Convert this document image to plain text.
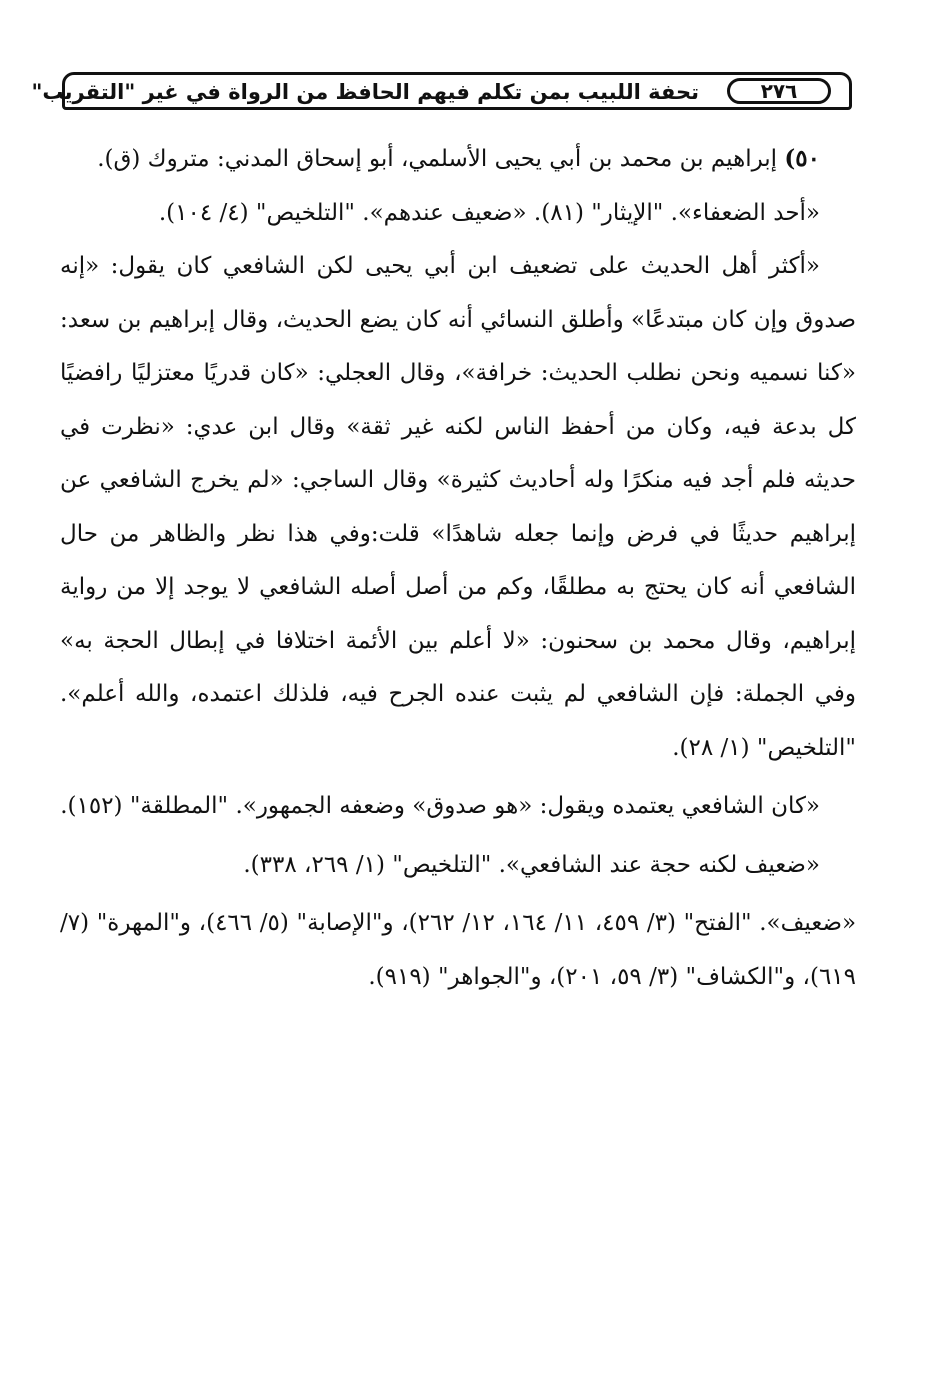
تحفة اللبيب بمن تكلم فيهم الحافظ من الرواة في غير "التقريب"	٢٧٦

٥٠) إبراهيم بن محمد بن أبي يحيى الأسلمي، أبو إسحاق المدني: متروك (ق).

«أحد الضعفاء». "الإيثار" (٨١). «ضعيف عندهم». "التلخيص" (٤/ ١٠٤).

«أكثر أهل الحديث على تضعيف ابن أبي يحيى لكن الشافعي كان يقول: «إنه صدوق وإن كان مبتدعًا» وأطلق النسائي أنه كان يضع الحديث، وقال إبراهيم بن سعد: «كنا نسميه ونحن نطلب الحديث: خرافة»، وقال العجلي: «كان قدريًا معتزليًا رافضيًا كل بدعة فيه، وكان من أحفظ الناس لكنه غير ثقة» وقال ابن عدي: «نظرت في حديثه فلم أجد فيه منكرًا وله أحاديث كثيرة» وقال الساجي: «لم يخرج الشافعي عن إبراهيم حديثًا في فرض وإنما جعله شاهدًا» قلت:وفي هذا نظر والظاهر من حال الشافعي أنه كان يحتج به مطلقًا، وكم من أصل أصله الشافعي لا يوجد إلا من رواية إبراهيم، وقال محمد بن سحنون: «لا أعلم بين الأئمة اختلافا في إبطال الحجة به» وفي الجملة: فإن الشافعي لم يثبت عنده الجرح فيه، فلذلك اعتمده، والله أعلم». "التلخيص" (١/ ٢٨).

«كان الشافعي يعتمده ويقول: «هو صدوق» وضعفه الجمهور». "المطلقة" (١٥٢).

«ضعيف لكنه حجة عند الشافعي». "التلخيص" (١/ ٢٦٩، ٣٣٨).

«ضعيف». "الفتح" (٣/ ٤٥٩، ١١/ ١٦٤، ١٢/ ٢٦٢)، و"الإصابة" (٥/ ٤٦٦)، و"المهرة" (٧/ ٦١٩)، و"الكشاف" (٣/ ٥٩، ٢٠١)، و"الجواهر" (٩١٩).
